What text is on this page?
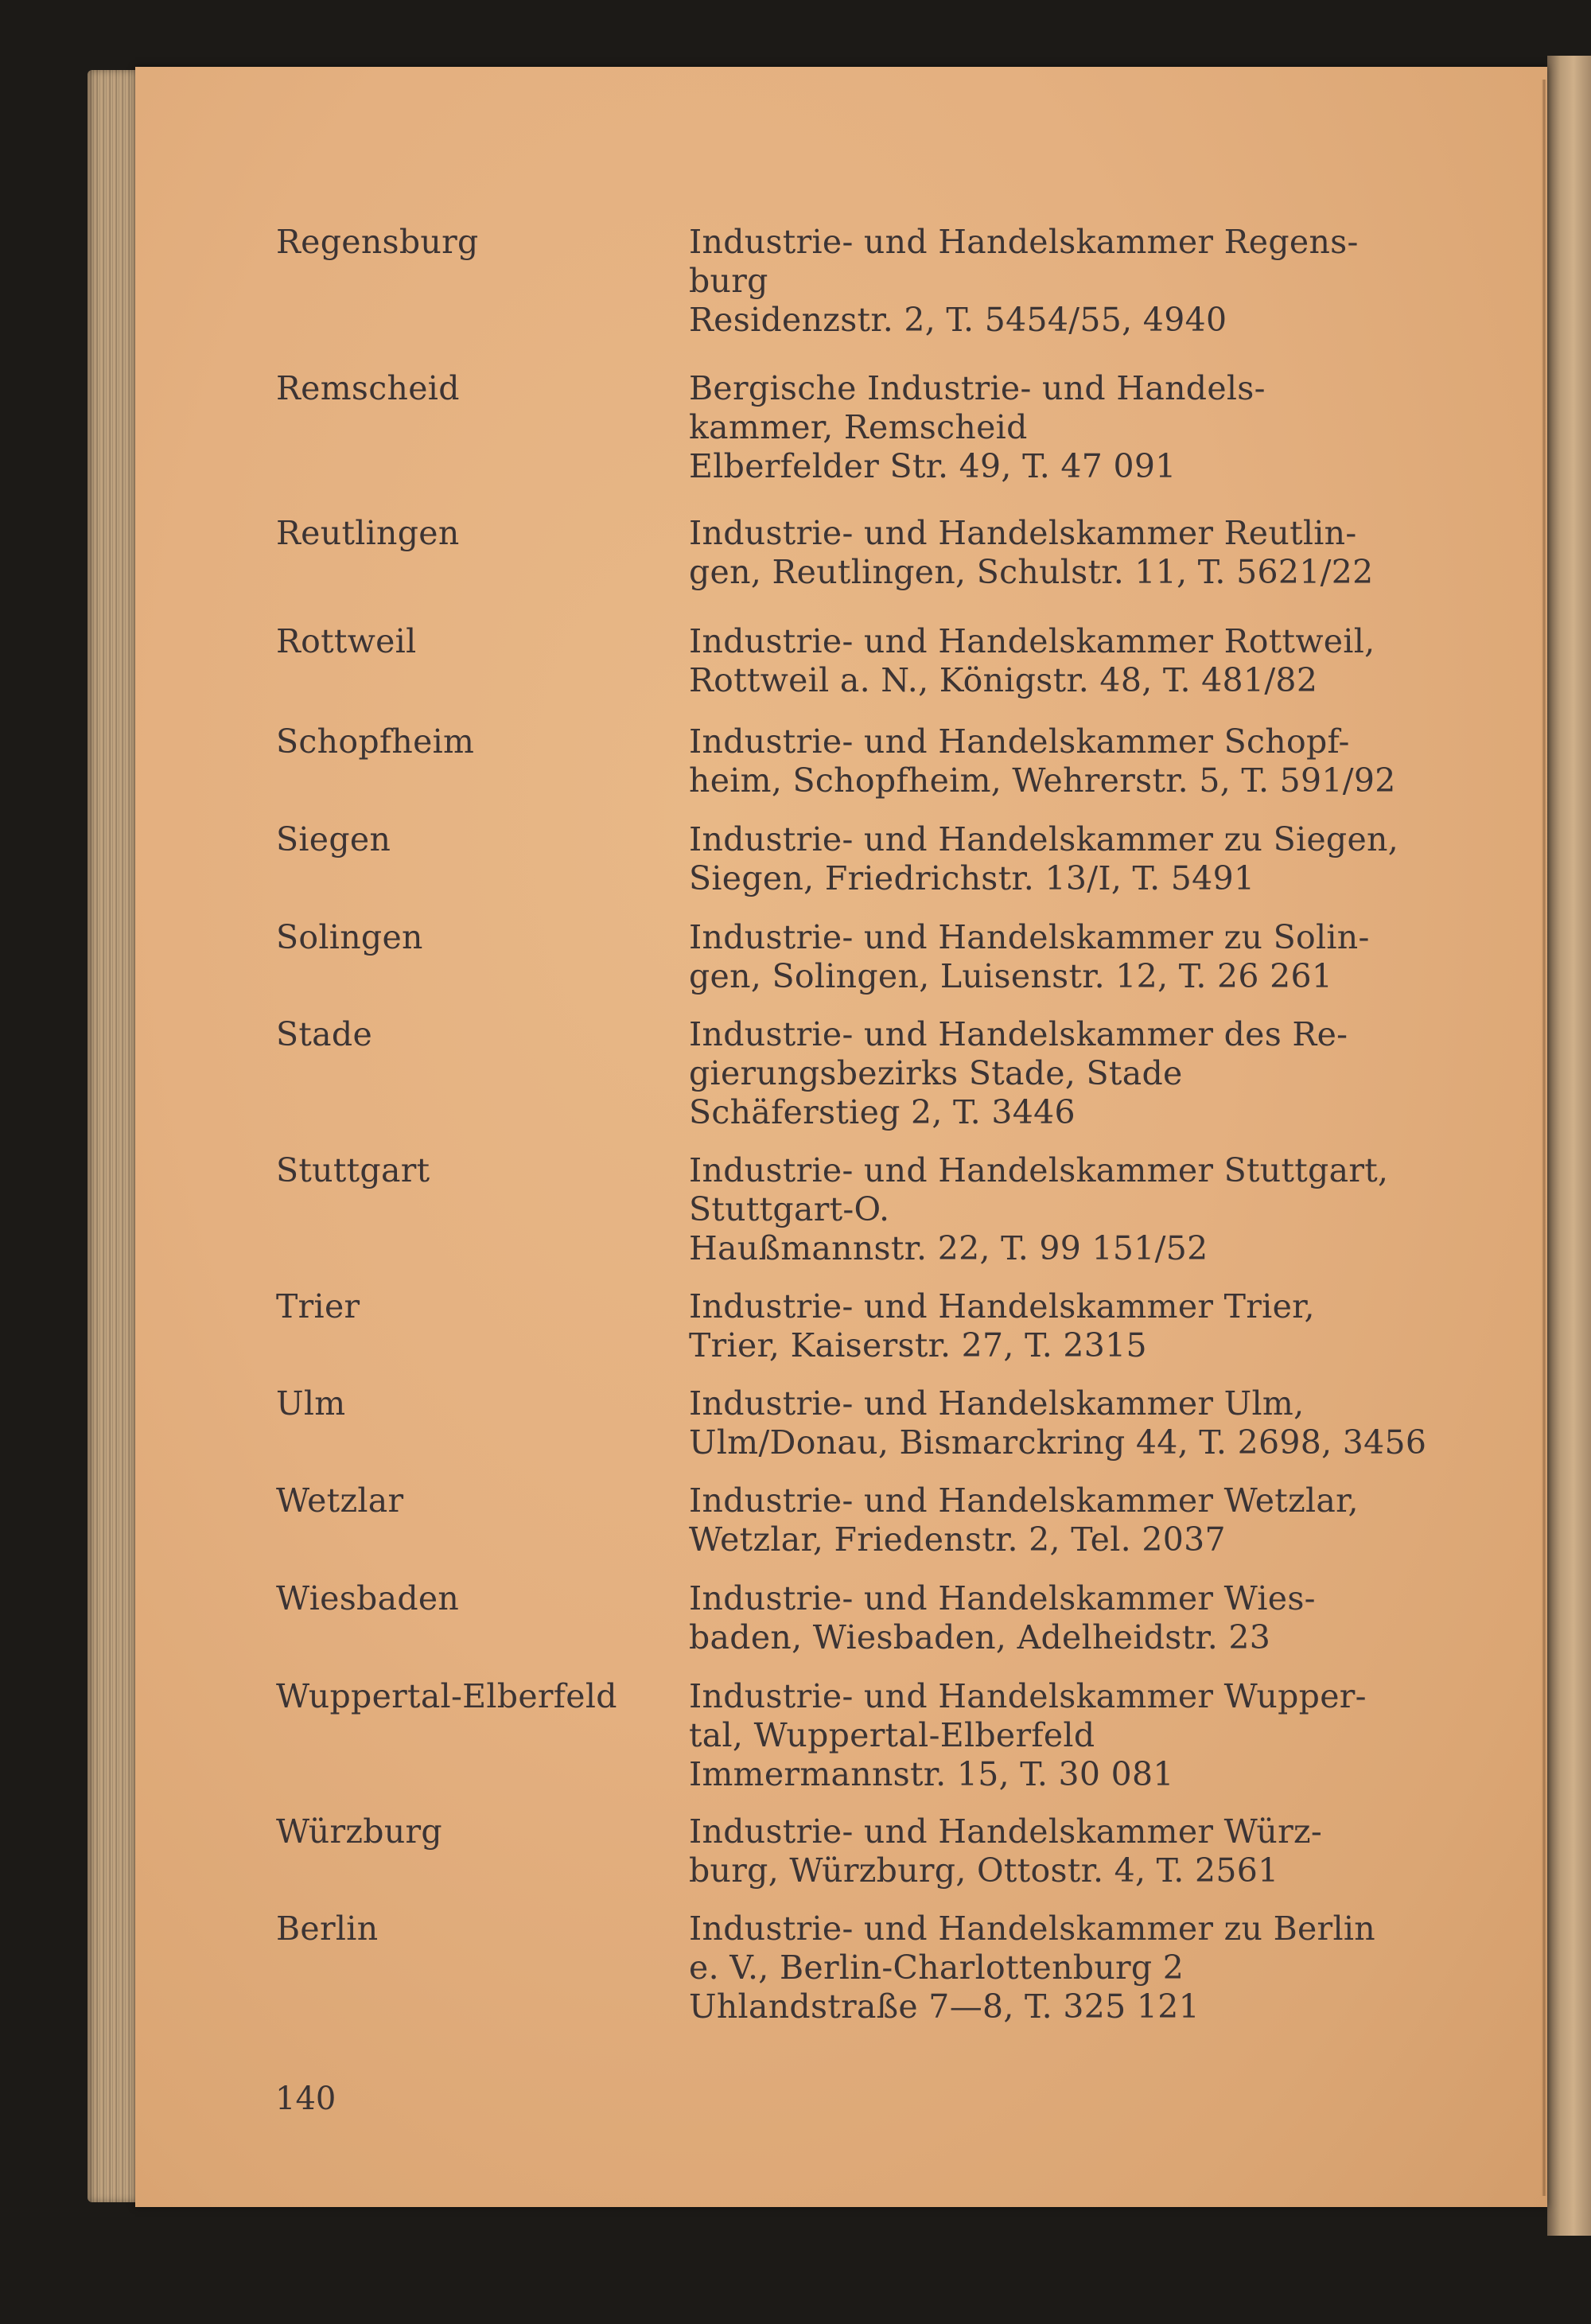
Regensburg	Industrie- und Handelskammer Regens-
burg
Residenzstr. 2, T. 5454/55, 4940
Remscheid	Bergische Industrie- und Handels-
kammer, Remscheid
Elberfelder Str. 49, T. 47 091
Reutlingen	Industrie- und Handelskammer Reutlin-
gen, Reutlingen, Schulstr. 11, T. 5621/22
Rottweil	Industrie- und Handelskammer Rottweil,
Rottweil a. N., Königstr. 48, T. 481/82
Schopfheim	Industrie- und Handelskammer Schopf-
heim, Schopfheim, Wehrerstr. 5, T. 591/92
Siegen	Industrie- und Handelskammer zu Siegen,
Siegen, Friedrichstr. 13/I, T. 5491
Solingen	Industrie- und Handelskammer zu Solin-
gen, Solingen, Luisenstr. 12, T. 26 261
Stade	Industrie- und Handelskammer des Re-
gierungsbezirks Stade, Stade
Schäferstieg 2, T. 3446
Stuttgart	Industrie- und Handelskammer Stuttgart,
Stuttgart-O.
Haußmannstr. 22, T. 99 151/52
Trier	Industrie- und Handelskammer Trier,
Trier, Kaiserstr. 27, T. 2315
Ulm	Industrie- und Handelskammer Ulm,
Ulm/Donau, Bismarckring 44, T. 2698, 3456
Wetzlar	Industrie- und Handelskammer Wetzlar,
Wetzlar, Friedenstr. 2, Tel. 2037
Wiesbaden	Industrie- und Handelskammer Wies-
baden, Wiesbaden, Adelheidstr. 23
Wuppertal-Elberfeld Industrie- und Handelskammer Wupper-
tal, Wuppertal-Elberfeld
Immermannstr. 15, T. 30 081
Würzburg	Industrie- und Handelskammer Würz-
burg, Würzburg, Ottostr. 4, T. 2561
Berlin	Industrie- und Handelskammer zu Berlin
e. V., Berlin-Charlottenburg 2
Uhlandstraße 7—8, T. 325 121
140
